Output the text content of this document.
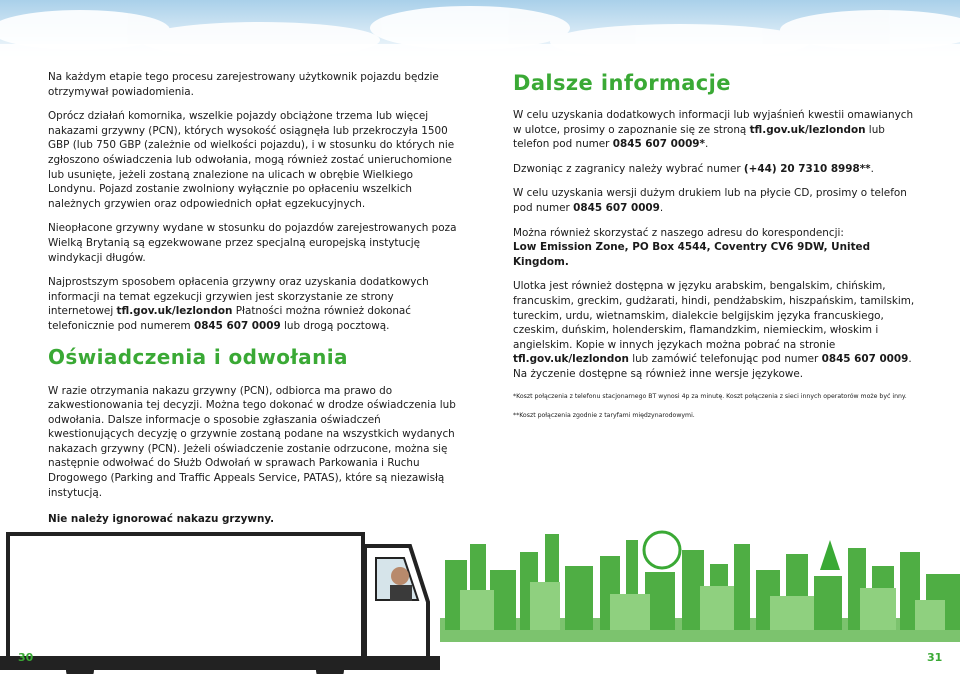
Na każdym etapie tego procesu zarejestrowany użytkownik pojazdu będzie otrzymywał powiadomienia.

Oprócz działań komornika, wszelkie pojazdy obciążone trzema lub więcej nakazami grzywny (PCN), których wysokość osiągnęła lub przekroczyła 1500 GBP (lub 750 GBP (zależnie od wielkości pojazdu), i w stosunku do których nie zgłoszono oświadczenia lub odwołania, mogą również zostać unieruchomione lub usunięte, jeżeli zostaną znalezione na ulicach w obrębie Wielkiego Londynu. Pojazd zostanie zwolniony wyłącznie po opłaceniu wszelkich należnych grzywien oraz odpowiednich opłat egzekucyjnych.

Nieopłacone grzywny wydane w stosunku do pojazdów zarejestrowanych poza Wielką Brytanią są egzekwowane przez specjalną europejską instytucję windykacji długów.

Najprostszym sposobem opłacenia grzywny oraz uzyskania dodatkowych informacji na temat egzekucji grzywien jest skorzystanie ze strony internetowej tfl.gov.uk/lezlondon Płatności można również dokonać telefonicznie pod numerem 0845 607 0009 lub drogą pocztową.

Oświadczenia i odwołania

W razie otrzymania nakazu grzywny (PCN), odbiorca ma prawo do zakwestionowania tej decyzji. Można tego dokonać w drodze oświadczenia lub odwołania. Dalsze informacje o sposobie zgłaszania oświadczeń kwestionujących decyzję o grzywnie zostaną podane na wszystkich wydanych nakazach grzywny (PCN). Jeżeli oświadczenie zostanie odrzucone, można się następnie odwołwać do Służb Odwołań w sprawach Parkowania i Ruchu Drogowego (Parking and Traffic Appeals Service, PATAS), które są niezawisłą instytucją.

Nie należy ignorować nakazu grzywny.

Dalsze informacje

W celu uzyskania dodatkowych informacji lub wyjaśnień kwestii omawianych w ulotce, prosimy o zapoznanie się ze stroną tfl.gov.uk/lezlondon lub telefon pod numer 0845 607 0009*.

Dzwoniąc z zagranicy należy wybrać numer (+44) 20 7310 8998**.

W celu uzyskania wersji dużym drukiem lub na płycie CD, prosimy o telefon pod numer 0845 607 0009.

Można również skorzystać z naszego adresu do korespondencji:
Low Emission Zone, PO Box 4544, Coventry CV6 9DW, United Kingdom.

Ulotka jest również dostępna w języku arabskim, bengalskim, chińskim, francuskim, greckim, gudżarati, hindi, pendżabskim, hiszpańskim, tamilskim, tureckim, urdu, wietnamskim, dialekcie belgijskim języka francuskiego, czeskim, duńskim, holenderskim, flamandzkim, niemieckim, włoskim i angielskim. Kopie w innych językach można pobrać na stronie tfl.gov.uk/lezlondon lub zamówić telefonując pod numer 0845 607 0009. Na życzenie dostępne są również inne wersje językowe.

*Koszt połączenia z telefonu stacjonarnego BT wynosi 4p za minutę. Koszt połączenia z sieci innych operatorów może być inny.

**Koszt połączenia zgodnie z taryfami międzynarodowymi.

30	31
